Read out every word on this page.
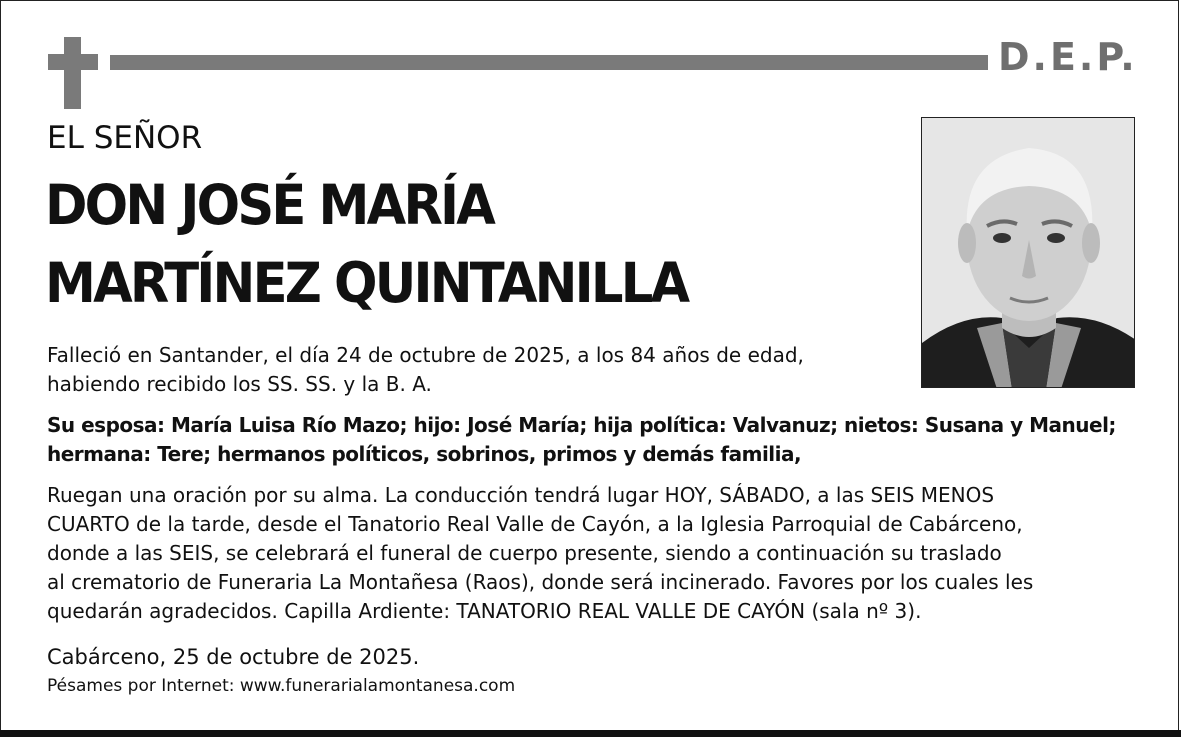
D.E.P.
EL SEÑOR
DON JOSÉ MARÍA
MARTÍNEZ QUINTANILLA
Falleció en Santander, el día 24 de octubre de 2025, a los 84 años de edad,
habiendo recibido los SS. SS. y la B. A.
Su esposa: María Luisa Río Mazo; hijo: José María; hija política: Valvanuz; nietos: Susana y Manuel;
hermana: Tere; hermanos políticos, sobrinos, primos y demás familia,
Ruegan una oración por su alma. La conducción tendrá lugar HOY, SÁBADO, a las SEIS MENOS
CUARTO de la tarde, desde el Tanatorio Real Valle de Cayón, a la Iglesia Parroquial de Cabárceno,
donde a las SEIS, se celebrará el funeral de cuerpo presente, siendo a continuación su traslado
al crematorio de Funeraria La Montañesa (Raos), donde será incinerado. Favores por los cuales les
quedarán agradecidos. Capilla Ardiente: TANATORIO REAL VALLE DE CAYÓN (sala nº 3).
Cabárceno, 25 de octubre de 2025.
Pésames por Internet: www.funerarialamontanesa.com
